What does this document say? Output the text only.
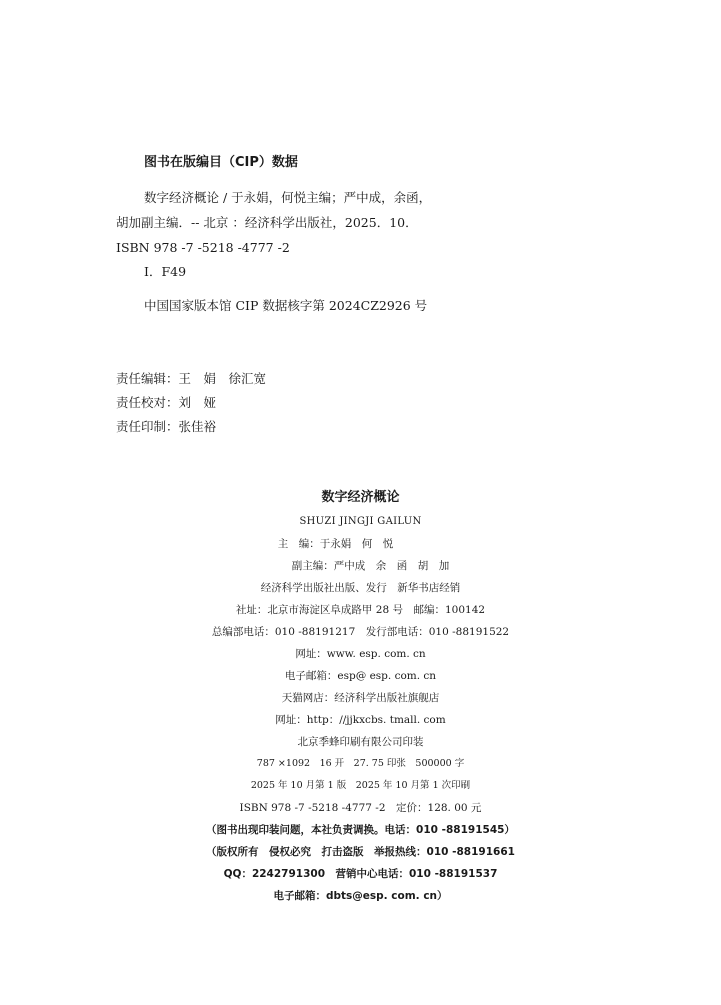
图书在版编目（CIP）数据
数字经济概论 / 于永娟，何悦主编；严中成，余函，
胡加副主编．-- 北京 ：经济科学出版社，2025．10．
ISBN 978 -7 -5218 -4777 -2
Ⅰ．F49
中国国家版本馆 CIP 数据核字第 2024CZ2926 号
责任编辑：王　娟　徐汇宽
责任校对：刘　娅
责任印制：张佳裕
数字经济概论
SHUZI JINGJI GAILUN
主　编：于永娟　何　悦
副主编：严中成　余　函　胡　加
经济科学出版社出版、发行　新华书店经销
社址：北京市海淀区阜成路甲 28 号　邮编：100142
总编部电话：010 -88191217　发行部电话：010 -88191522
网址：www. esp. com. cn
电子邮箱：esp@ esp. com. cn
天猫网店：经济科学出版社旗舰店
网址：http：//jjkxcbs. tmall. com
北京季蜂印刷有限公司印装
787 ×1092　16 开　27. 75 印张　500000 字
2025 年 10 月第 1 版　2025 年 10 月第 1 次印刷
ISBN 978 -7 -5218 -4777 -2　定价：128. 00 元
（图书出现印装问题，本社负责调换。电话：010 -88191545）
（版权所有　侵权必究　打击盗版　举报热线：010 -88191661
QQ：2242791300　营销中心电话：010 -88191537
电子邮箱：dbts@esp. com. cn）
